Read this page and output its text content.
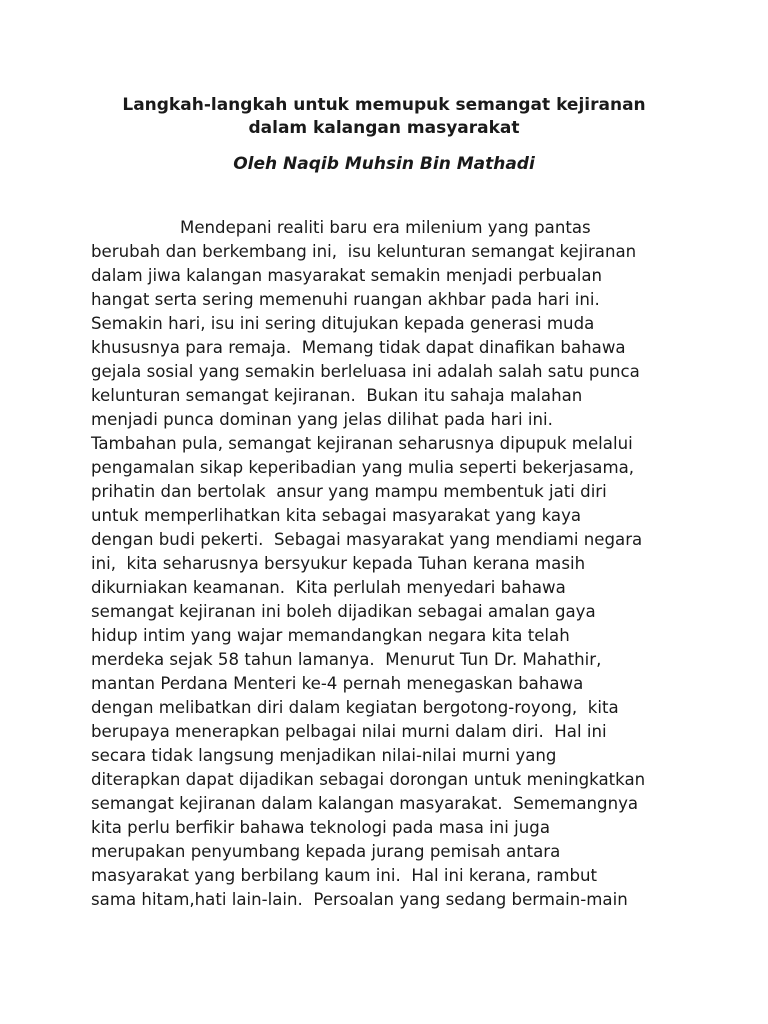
Langkah-langkah untuk memupuk semangat kejiranan
dalam kalangan masyarakat
Oleh Naqib Muhsin Bin Mathadi
Mendepani realiti baru era milenium yang pantas
berubah dan berkembang ini,  isu kelunturan semangat kejiranan
dalam jiwa kalangan masyarakat semakin menjadi perbualan
hangat serta sering memenuhi ruangan akhbar pada hari ini.
Semakin hari, isu ini sering ditujukan kepada generasi muda
khususnya para remaja.  Memang tidak dapat dinafikan bahawa
gejala sosial yang semakin berleluasa ini adalah salah satu punca
kelunturan semangat kejiranan.  Bukan itu sahaja malahan
menjadi punca dominan yang jelas dilihat pada hari ini.
Tambahan pula, semangat kejiranan seharusnya dipupuk melalui
pengamalan sikap keperibadian yang mulia seperti bekerjasama,
prihatin dan bertolak  ansur yang mampu membentuk jati diri
untuk memperlihatkan kita sebagai masyarakat yang kaya
dengan budi pekerti.  Sebagai masyarakat yang mendiami negara
ini,  kita seharusnya bersyukur kepada Tuhan kerana masih
dikurniakan keamanan.  Kita perlulah menyedari bahawa
semangat kejiranan ini boleh dijadikan sebagai amalan gaya
hidup intim yang wajar memandangkan negara kita telah
merdeka sejak 58 tahun lamanya.  Menurut Tun Dr. Mahathir,
mantan Perdana Menteri ke-4 pernah menegaskan bahawa
dengan melibatkan diri dalam kegiatan bergotong-royong,  kita
berupaya menerapkan pelbagai nilai murni dalam diri.  Hal ini
secara tidak langsung menjadikan nilai-nilai murni yang
diterapkan dapat dijadikan sebagai dorongan untuk meningkatkan
semangat kejiranan dalam kalangan masyarakat.  Sememangnya
kita perlu berfikir bahawa teknologi pada masa ini juga
merupakan penyumbang kepada jurang pemisah antara
masyarakat yang berbilang kaum ini.  Hal ini kerana, rambut
sama hitam,hati lain-lain.  Persoalan yang sedang bermain-main
